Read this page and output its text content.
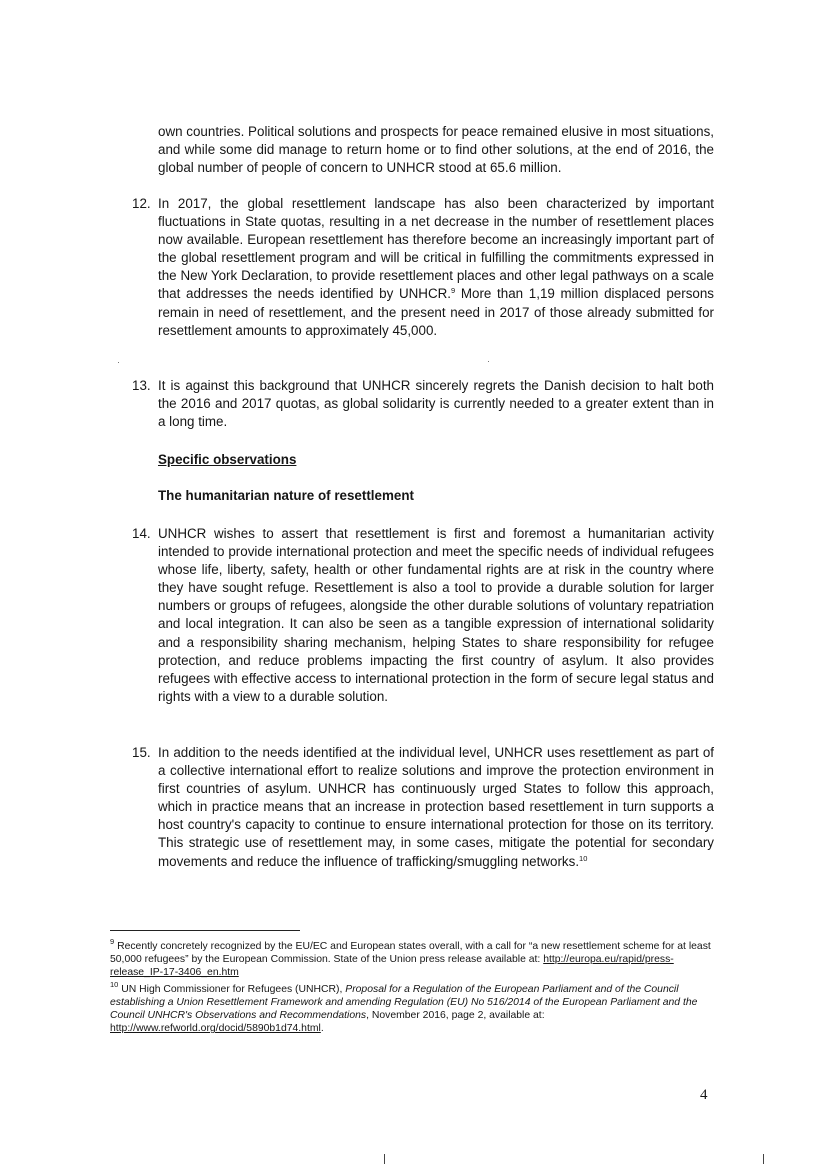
own countries. Political solutions and prospects for peace remained elusive in most situations, and while some did manage to return home or to find other solutions, at the end of 2016, the global number of people of concern to UNHCR stood at 65.6 million.

12. In 2017, the global resettlement landscape has also been characterized by important fluctuations in State quotas, resulting in a net decrease in the number of resettlement places now available. European resettlement has therefore become an increasingly important part of the global resettlement program and will be critical in fulfilling the commitments expressed in the New York Declaration, to provide resettlement places and other legal pathways on a scale that addresses the needs identified by UNHCR.$^9$ More than 1,19 million displaced persons remain in need of resettlement, and the present need in 2017 of those already submitted for resettlement amounts to approximately 45,000.

13. It is against this background that UNHCR sincerely regrets the Danish decision to halt both the 2016 and 2017 quotas, as global solidarity is currently needed to a greater extent than in a long time.

Specific observations
The humanitarian nature of resettlement
14. UNHCR wishes to assert that resettlement is first and foremost a humanitarian activity intended to provide international protection and meet the specific needs of individual refugees whose life, liberty, safety, health or other fundamental rights are at risk in the country where they have sought refuge. Resettlement is also a tool to provide a durable solution for larger numbers or groups of refugees, alongside the other durable solutions of voluntary repatriation and local integration. It can also be seen as a tangible expression of international solidarity and a responsibility sharing mechanism, helping States to share responsibility for refugee protection, and reduce problems impacting the first country of asylum. It also provides refugees with effective access to international protection in the form of secure legal status and rights with a view to a durable solution.

15. In addition to the needs identified at the individual level, UNHCR uses resettlement as part of a collective international effort to realize solutions and improve the protection environment in first countries of asylum. UNHCR has continuously urged States to follow this approach, which in practice means that an increase in protection based resettlement in turn supports a host country's capacity to continue to ensure international protection for those on its territory. This strategic use of resettlement may, in some cases, mitigate the potential for secondary movements and reduce the influence of trafficking/smuggling networks.$^{10}$

$^9$ Recently concretely recognized by the EU/EC and European states overall, with a call for “a new resettlement scheme for at least 50,000 refugees” by the European Commission. State of the Union press release available at: http://europa.eu/rapid/press-release_IP-17-3406_en.htm

$^{10}$ UN High Commissioner for Refugees (UNHCR), Proposal for a Regulation of the European Parliament and of the Council establishing a Union Resettlement Framework and amending Regulation (EU) No 516/2014 of the European Parliament and the Council UNHCR's Observations and Recommendations, November 2016, page 2, available at: http://www.refworld.org/docid/5890b1d74.html.

4
